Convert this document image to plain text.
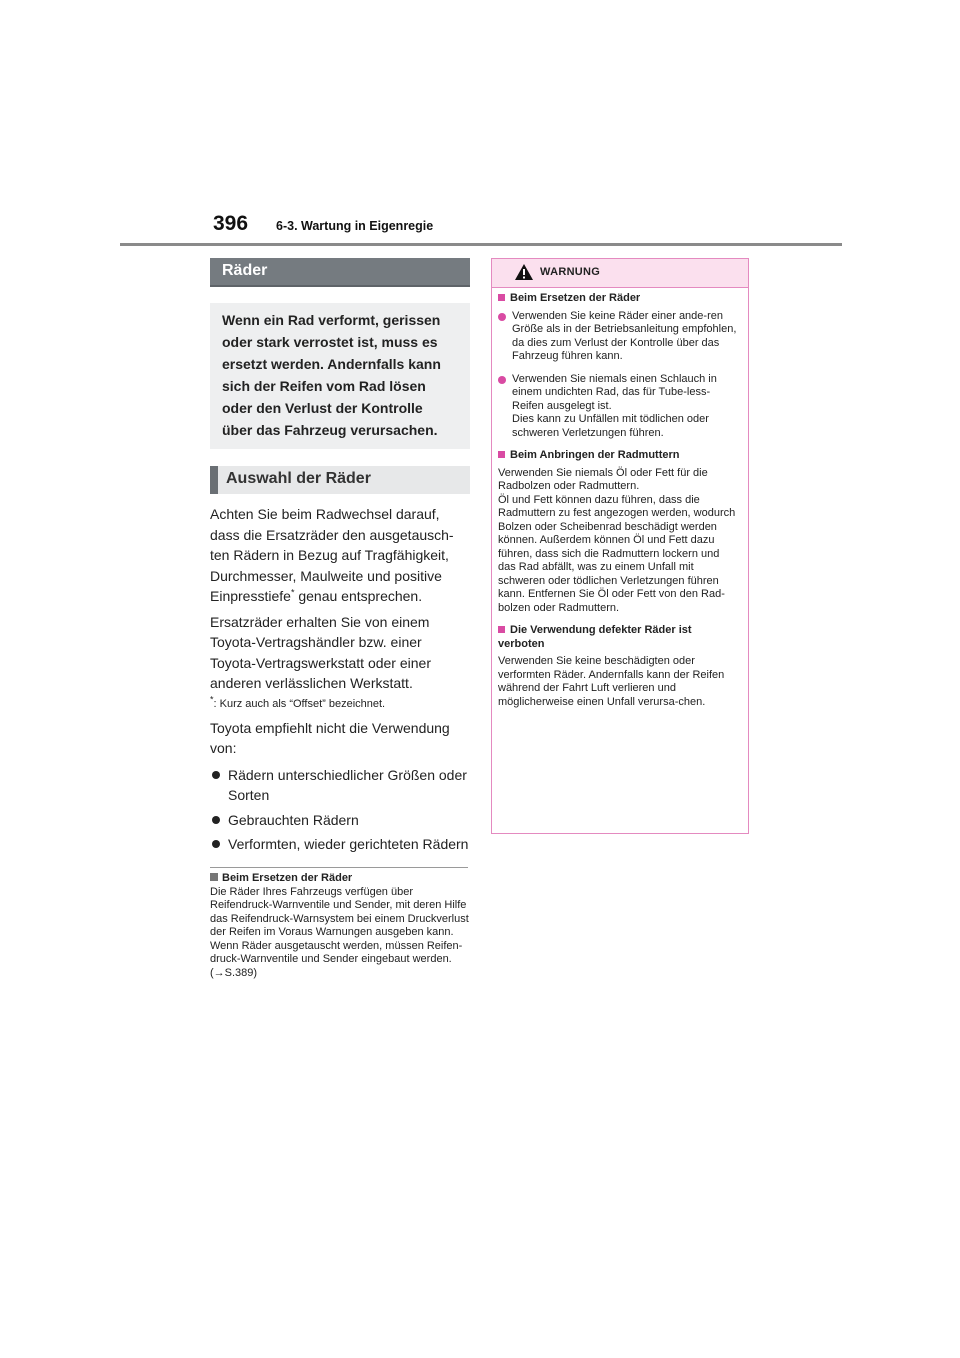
396 6-3. Wartung in Eigenregie
Räder
Wenn ein Rad verformt, gerissen
oder stark verrostet ist, muss es
ersetzt werden. Andernfalls kann
sich der Reifen vom Rad lösen
oder den Verlust der Kontrolle
über das Fahrzeug verursachen.
Auswahl der Räder

Achten Sie beim Radwechsel darauf, dass die Ersatzräder den ausgetausch-ten Rädern in Bezug auf Tragfähigkeit, Durchmesser, Maulweite und positive Einpresstiefe* genau entsprechen.

Ersatzräder erhalten Sie von einem Toyota-Vertragshändler bzw. einer Toyota-Vertragswerkstatt oder einer anderen verlässlichen Werkstatt.

*: Kurz auch als “Offset” bezeichnet.

Toyota empfiehlt nicht die Verwendung von:

Rädern unterschiedlicher Größen oder Sorten
Gebrauchten Rädern
Verformten, wieder gerichteten Rädern
Beim Ersetzen der Räder
Die Räder Ihres Fahrzeugs verfügen über Reifendruck-Warnventile und Sender, mit deren Hilfe das Reifendruck-Warnsystem bei einem Druckverlust der Reifen im Voraus Warnungen ausgeben kann. Wenn Räder ausgetauscht werden, müssen Reifen-druck-Warnventile und Sender eingebaut werden. (→S.389)
WARNUNG
Beim Ersetzen der Räder
Verwenden Sie keine Räder einer ande-ren Größe als in der Betriebsanleitung empfohlen, da dies zum Verlust der Kontrolle über das Fahrzeug führen kann.
Verwenden Sie niemals einen Schlauch in einem undichten Rad, das für Tube-less-Reifen ausgelegt ist.
Dies kann zu Unfällen mit tödlichen oder schweren Verletzungen führen.
Beim Anbringen der Radmuttern
Verwenden Sie niemals Öl oder Fett für die Radbolzen oder Radmuttern.
Öl und Fett können dazu führen, dass die Radmuttern zu fest angezogen werden, wodurch Bolzen oder Scheibenrad beschädigt werden können. Außerdem können Öl und Fett dazu führen, dass sich die Radmuttern lockern und das Rad abfällt, was zu einem Unfall mit schweren oder tödlichen Verletzungen führen kann. Entfernen Sie Öl oder Fett von den Rad-bolzen oder Radmuttern.
Die Verwendung defekter Räder ist verboten
Verwenden Sie keine beschädigten oder verformten Räder. Andernfalls kann der Reifen während der Fahrt Luft verlieren und möglicherweise einen Unfall verursa-chen.
